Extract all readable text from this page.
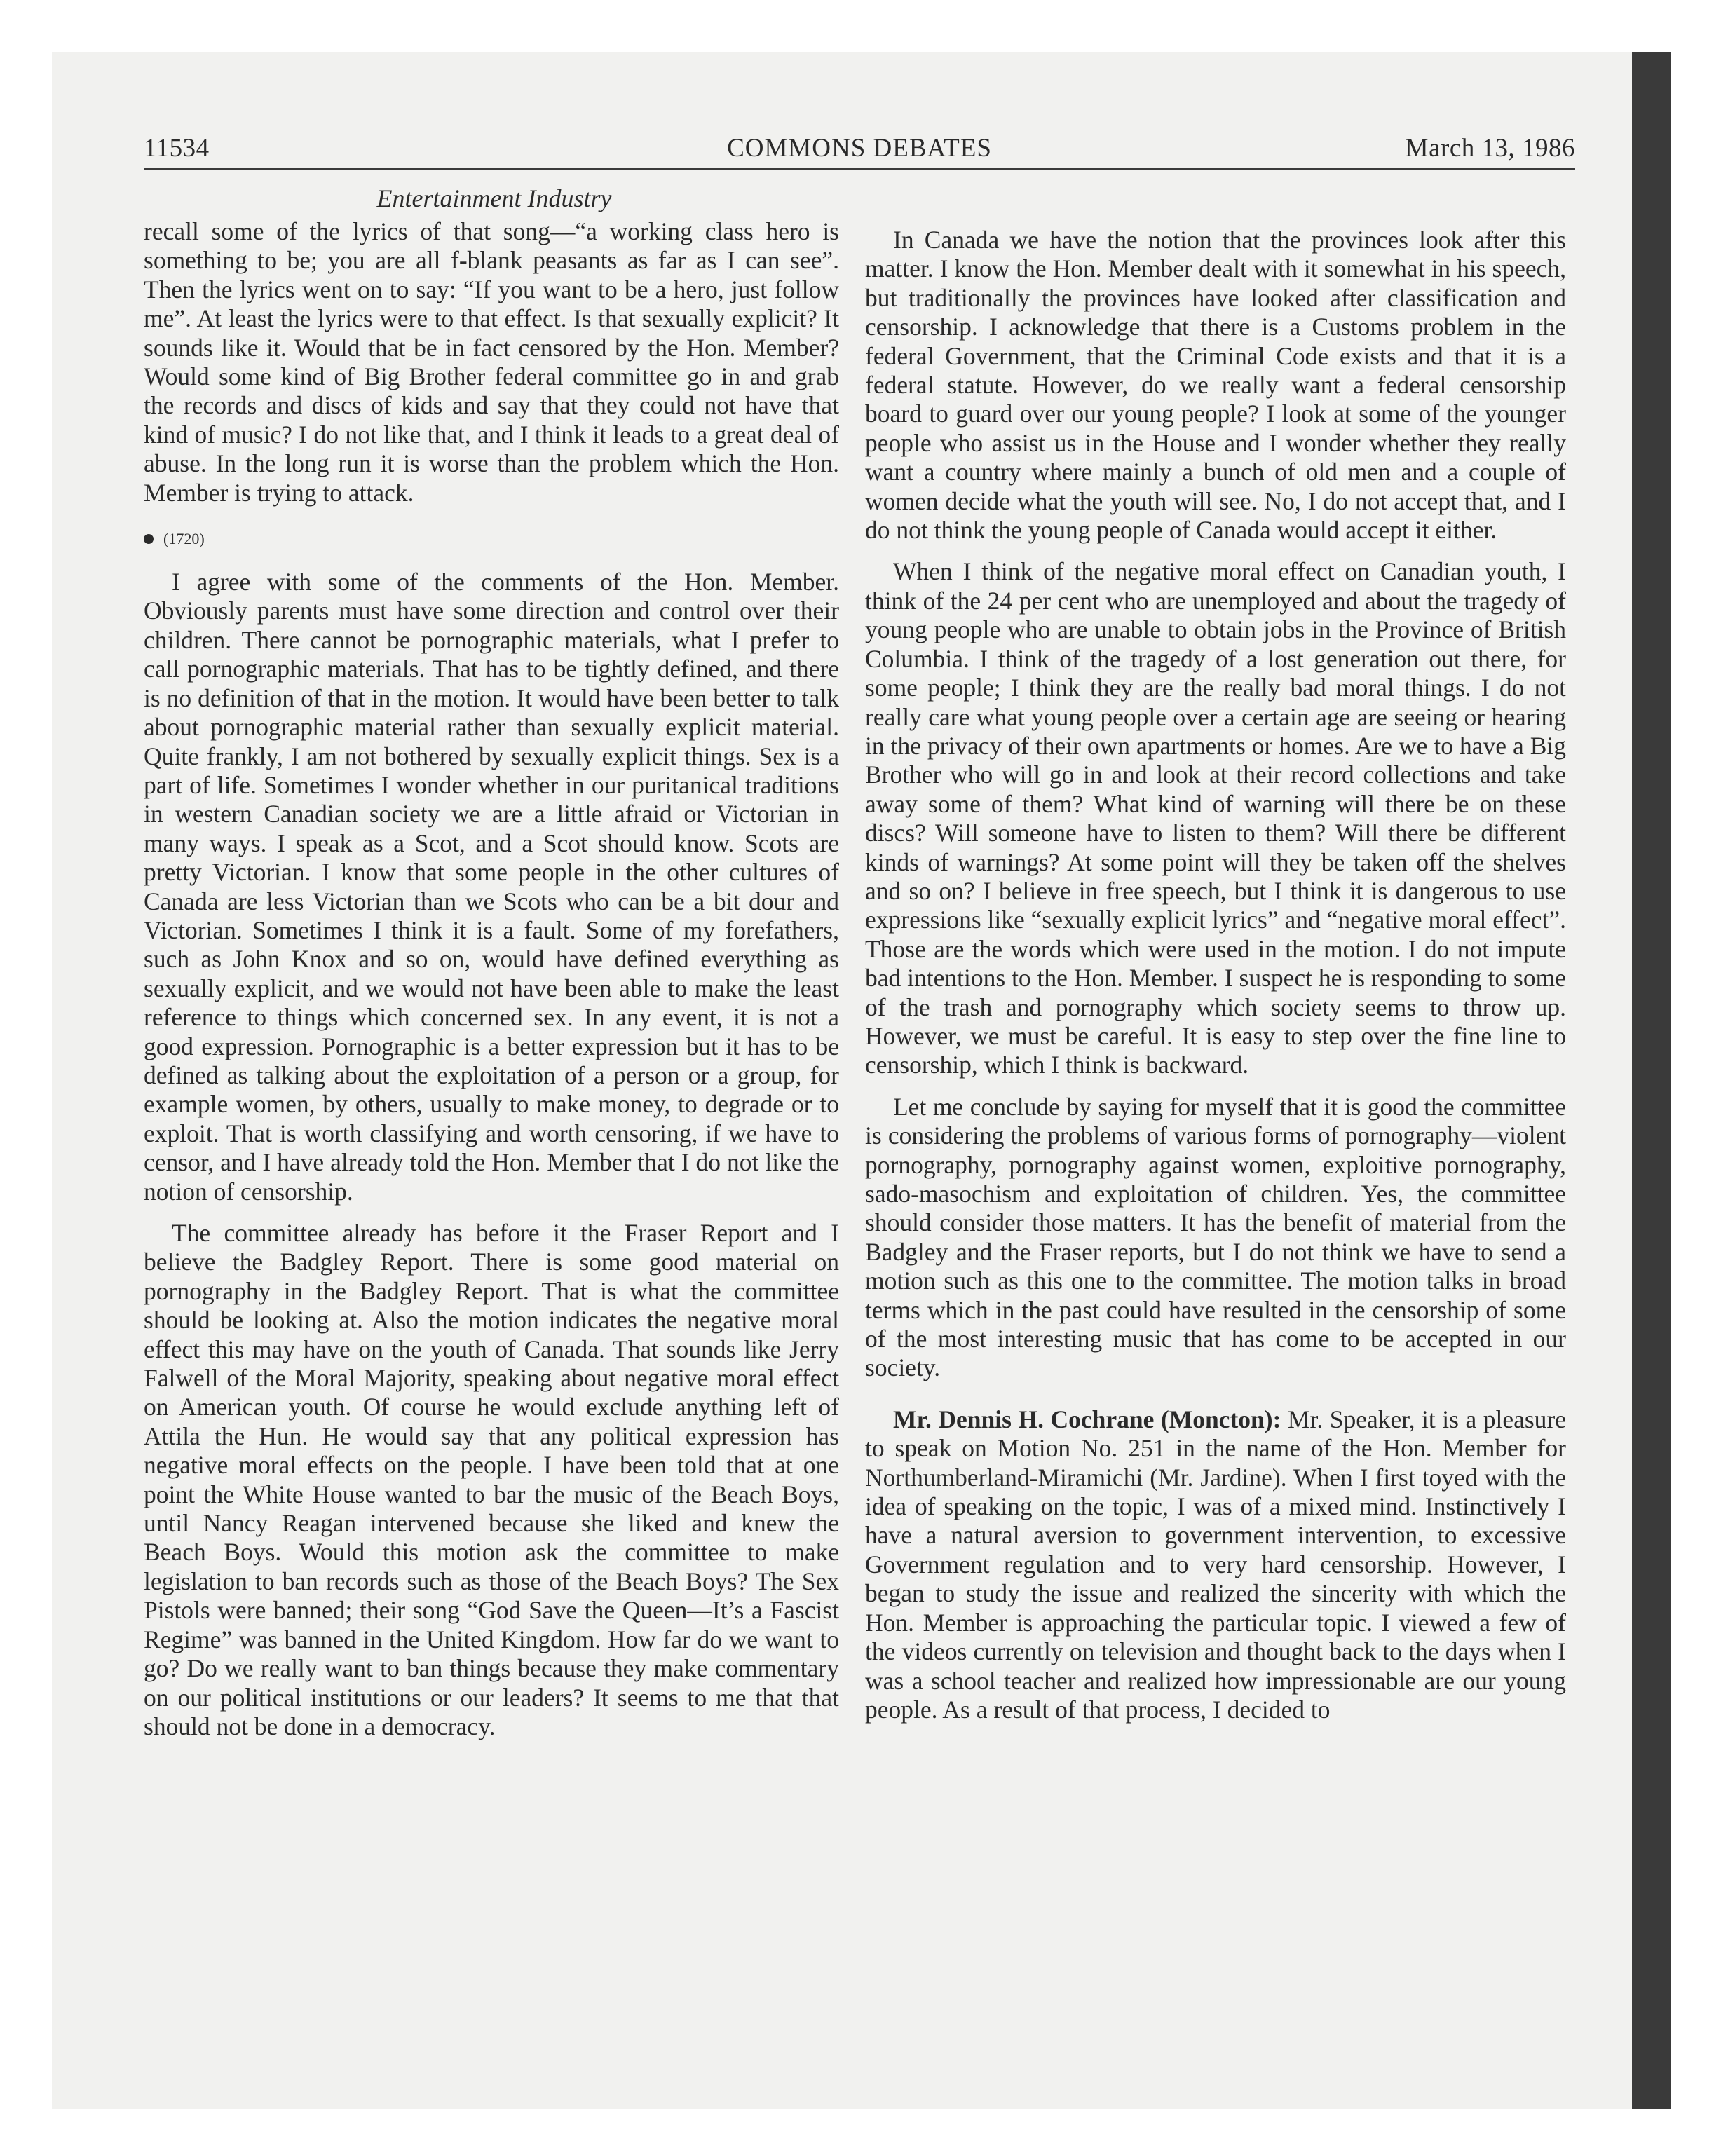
11534	COMMONS DEBATES	March 13, 1986
Entertainment Industry

recall some of the lyrics of that song—“a working class hero is something to be; you are all f-blank peasants as far as I can see”. Then the lyrics went on to say: “If you want to be a hero, just follow me”. At least the lyrics were to that effect. Is that sexually explicit? It sounds like it. Would that be in fact censored by the Hon. Member? Would some kind of Big Brother federal committee go in and grab the records and discs of kids and say that they could not have that kind of music? I do not like that, and I think it leads to a great deal of abuse. In the long run it is worse than the problem which the Hon. Member is trying to attack.

(1720)

I agree with some of the comments of the Hon. Member. Obviously parents must have some direction and control over their children. There cannot be pornographic materials, what I prefer to call pornographic materials. That has to be tightly defined, and there is no definition of that in the motion. It would have been better to talk about pornographic material rather than sexually explicit material. Quite frankly, I am not bothered by sexually explicit things. Sex is a part of life. Sometimes I wonder whether in our puritanical traditions in western Canadian society we are a little afraid or Victorian in many ways. I speak as a Scot, and a Scot should know. Scots are pretty Victorian. I know that some people in the other cultures of Canada are less Victorian than we Scots who can be a bit dour and Victorian. Sometimes I think it is a fault. Some of my forefathers, such as John Knox and so on, would have defined everything as sexually explicit, and we would not have been able to make the least reference to things which concerned sex. In any event, it is not a good expression. Pornographic is a better expression but it has to be defined as talking about the exploitation of a person or a group, for example women, by others, usually to make money, to degrade or to exploit. That is worth classifying and worth censoring, if we have to censor, and I have already told the Hon. Member that I do not like the notion of censorship.

The committee already has before it the Fraser Report and I believe the Badgley Report. There is some good material on pornography in the Badgley Report. That is what the committee should be looking at. Also the motion indicates the negative moral effect this may have on the youth of Canada. That sounds like Jerry Falwell of the Moral Majority, speaking about negative moral effect on American youth. Of course he would exclude anything left of Attila the Hun. He would say that any political expression has negative moral effects on the people. I have been told that at one point the White House wanted to bar the music of the Beach Boys, until Nancy Reagan intervened because she liked and knew the Beach Boys. Would this motion ask the committee to make legislation to ban records such as those of the Beach Boys? The Sex Pistols were banned; their song “God Save the Queen—It’s a Fascist Regime” was banned in the United Kingdom. How far do we want to go? Do we really want to ban things because they make commentary on our political institutions or our leaders? It seems to me that that should not be done in a democracy.

In Canada we have the notion that the provinces look after this matter. I know the Hon. Member dealt with it somewhat in his speech, but traditionally the provinces have looked after classification and censorship. I acknowledge that there is a Customs problem in the federal Government, that the Criminal Code exists and that it is a federal statute. However, do we really want a federal censorship board to guard over our young people? I look at some of the younger people who assist us in the House and I wonder whether they really want a country where mainly a bunch of old men and a couple of women decide what the youth will see. No, I do not accept that, and I do not think the young people of Canada would accept it either.

When I think of the negative moral effect on Canadian youth, I think of the 24 per cent who are unemployed and about the tragedy of young people who are unable to obtain jobs in the Province of British Columbia. I think of the tragedy of a lost generation out there, for some people; I think they are the really bad moral things. I do not really care what young people over a certain age are seeing or hearing in the privacy of their own apartments or homes. Are we to have a Big Brother who will go in and look at their record collections and take away some of them? What kind of warning will there be on these discs? Will someone have to listen to them? Will there be different kinds of warnings? At some point will they be taken off the shelves and so on? I believe in free speech, but I think it is dangerous to use expressions like “sexually explicit lyrics” and “negative moral effect”. Those are the words which were used in the motion. I do not impute bad intentions to the Hon. Member. I suspect he is responding to some of the trash and pornography which society seems to throw up. However, we must be careful. It is easy to step over the fine line to censorship, which I think is backward.

Let me conclude by saying for myself that it is good the committee is considering the problems of various forms of pornography—violent pornography, pornography against women, exploitive pornography, sado-masochism and exploitation of children. Yes, the committee should consider those matters. It has the benefit of material from the Badgley and the Fraser reports, but I do not think we have to send a motion such as this one to the committee. The motion talks in broad terms which in the past could have resulted in the censorship of some of the most interesting music that has come to be accepted in our society.

Mr. Dennis H. Cochrane (Moncton): Mr. Speaker, it is a pleasure to speak on Motion No. 251 in the name of the Hon. Member for Northumberland-Miramichi (Mr. Jardine). When I first toyed with the idea of speaking on the topic, I was of a mixed mind. Instinctively I have a natural aversion to government intervention, to excessive Government regulation and to very hard censorship. However, I began to study the issue and realized the sincerity with which the Hon. Member is approaching the particular topic. I viewed a few of the videos currently on television and thought back to the days when I was a school teacher and realized how impressionable are our young people. As a result of that process, I decided to
